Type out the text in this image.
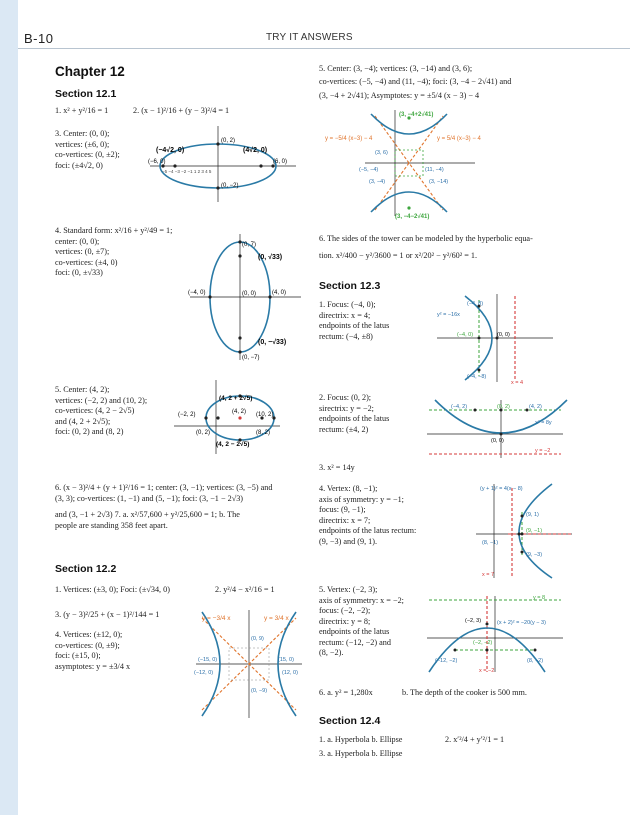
B-10	TRY IT ANSWERS
Chapter 12
Section 12.1
1. x² + y²/16 = 1	2. (x − 1)²/16 + (y − 3)²/4 = 1
3. Center: (0, 0);
vertices: (±6, 0);
co-vertices: (0, ±2);
foci: (±4√2, 0)
(−4√2, 0)	(4√2, 0)
(0, 2)
(−6, 0)	(6, 0)
(0, −2)
−5 −4 −3 −2 −1 1 2 3 4 5
4. Standard form: x²/16 + y²/49 = 1;
center: (0, 0);
vertices: (0, ±7);
co-vertices: (±4, 0)
foci: (0, ±√33)
(0, 7)
(0, √33)
(−4, 0)	(0, 0)	(4, 0)
(0, −√33)
(0, −7)
5. Center: (4, 2);
vertices: (−2, 2) and (10, 2);
co-vertices: (4, 2 − 2√5)
and (4, 2 + 2√5);
foci: (0, 2) and (8, 2)
(4, 2 + 2√5)
(−2, 2)	(4, 2) (10, 2)
(8, 2)
(0, 2)
(4, 2 − 2√5)
6. (x − 3)²/4 + (y + 1)²/16 = 1; center: (3, −1); vertices: (3, −5) and
(3, 3); co-vertices: (1, −1) and (5, −1); foci: (3, −1 − 2√3)
and (3, −1 + 2√3) 7. a. x²/57,600 + y²/25,600 = 1; b. The
people are standing 358 feet apart.
Section 12.2
1. Vertices: (±3, 0); Foci: (±√34, 0)	2. y²/4 − x²/16 = 1
3. (y − 3)²/25 + (x − 1)²/144 = 1
4. Vertices: (±12, 0);
co-vertices: (0, ±9);
foci: (±15, 0);
asymptotes: y = ±3/4 x
y = −3/4 x	y = 3/4 x
(0, 9)
(−15, 0)	(15, 0)
(−12, 0)	(12, 0)
(0, −9)
5. Center: (3, −4); vertices: (3, −14) and (3, 6);
co-vertices: (−5, −4) and (11, −4); foci: (3, −4 − 2√41) and
(3, −4 + 2√41); Asymptotes: y = ±5/4 (x − 3) − 4
(3, −4+2√41)
y = −5/4 (x−3) − 4	y = 5/4 (x−3) − 4
(3, 6)
(−5, −4)	(11, −4)
(3, −4)	(3, −14)
(3, −4−2√41)
6. The sides of the tower can be modeled by the hyperbolic equa-
tion. x²/400 − y²/3600 = 1 or x²/20² − y²/60² = 1.
Section 12.3
1. Focus: (−4, 0);
directrix: x = 4;
endpoints of the latus
rectum: (−4, ±8)
y² = −16x
(−4, 8)
(−4, 0)	(0, 0)
(−4, −8)
x = 4
2. Focus: (0, 2);
sirectrix: y = −2;
endpoints of the latus
rectum: (±4, 2)
(−4, 2)	(0, 2)	(4, 2)
x² = 8y
(0, 0)
y = −2
3. x² = 14y
4. Vertex: (8, −1);
axis of symmetry: y = −1;
focus: (9, −1);
directrix: x = 7;
endpoints of the latus rectum:
(9, −3) and (9, 1).
(y + 1)² = 4(x − 8)
(9, 1)
(9, −1)
(8, −1)
(9, −3)
x = 7
5. Vertex: (−2, 3);
axis of symmetry: x = −2;
focus: (−2, −2);
directrix: y = 8;
endpoints of the latus
rectum: (−12, −2) and
(8, −2).
y = 8
(−2, 3)	(x + 2)² = −20(y − 3)
(−2, −2)
(−12, −2)	(8, −2)
x = −2
6. a. y² = 1,280x	b. The depth of the cooker is 500 mm.
Section 12.4
1. a. Hyperbola b. Ellipse	2. x′²/4 + y′²/1 = 1
3. a. Hyperbola b. Ellipse
